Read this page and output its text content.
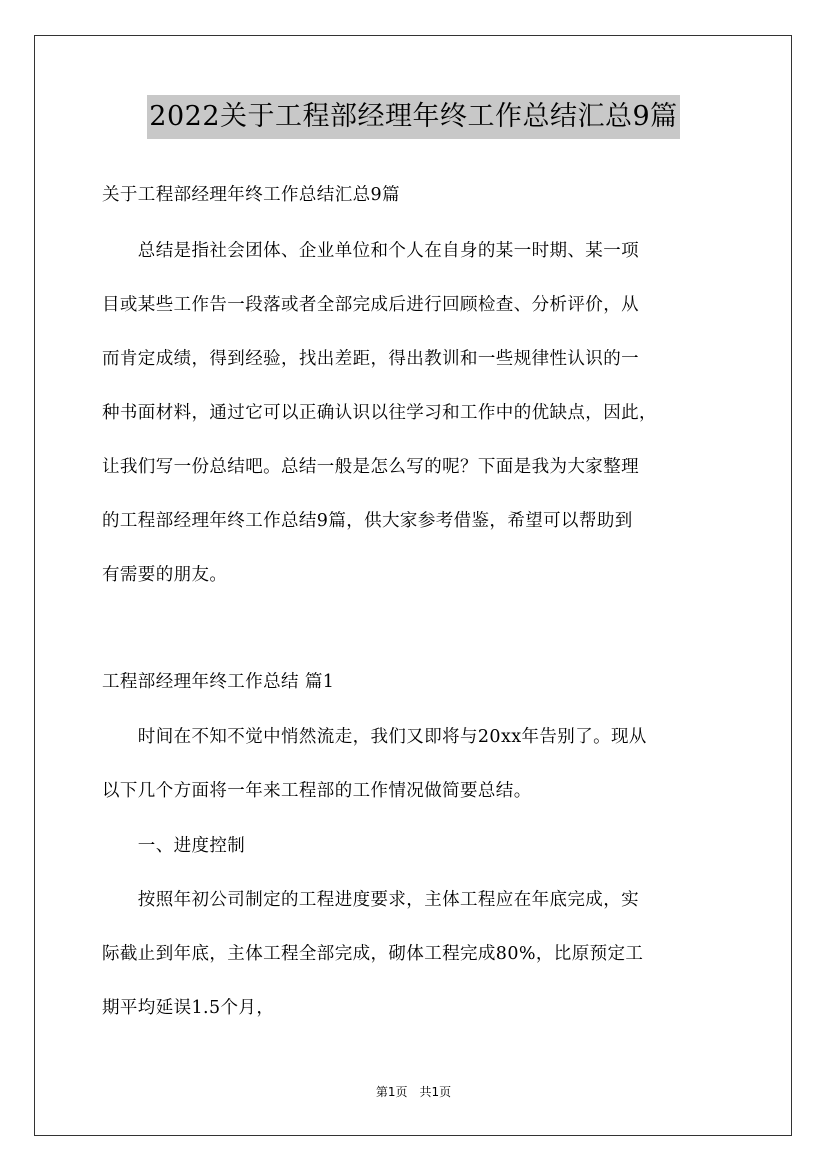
2022关于工程部经理年终工作总结汇总9篇
关于工程部经理年终工作总结汇总9篇
　　总结是指社会团体、企业单位和个人在自身的某一时期、某一项
目或某些工作告一段落或者全部完成后进行回顾检查、分析评价，从
而肯定成绩，得到经验，找出差距，得出教训和一些规律性认识的一
种书面材料，通过它可以正确认识以往学习和工作中的优缺点，因此，
让我们写一份总结吧。总结一般是怎么写的呢？下面是我为大家整理
的工程部经理年终工作总结9篇，供大家参考借鉴，希望可以帮助到
有需要的朋友。
工程部经理年终工作总结 篇1
　　时间在不知不觉中悄然流走，我们又即将与20xx年告别了。现从
以下几个方面将一年来工程部的工作情况做简要总结。
　　一、进度控制
　　按照年初公司制定的工程进度要求，主体工程应在年底完成，实
际截止到年底，主体工程全部完成，砌体工程完成80%，比原预定工
期平均延误1.5个月，
第1页　共1页
